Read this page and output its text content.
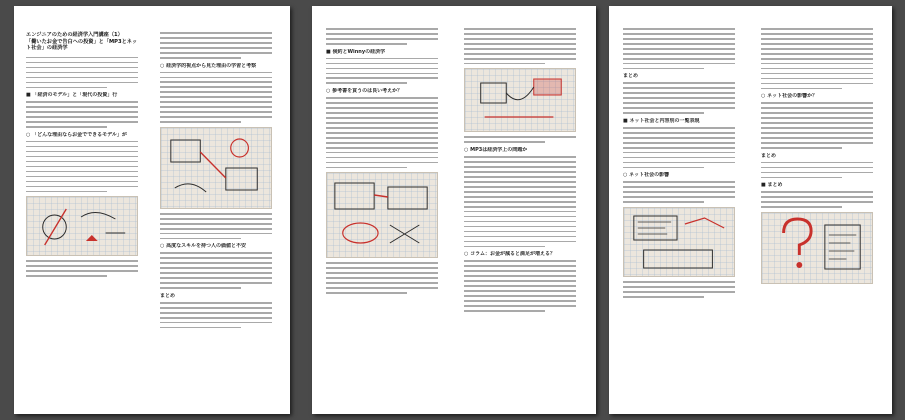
エンジニアのための経済学入門講座（1）
「働いたお金で告白への投資」と「MP3とネット社会」の経済学
■ 「経済のモデル」と「現代の投資」行
○ 「どんな理由ならお金でできるモデル」が
○ 経済学的視点から見た理由の学習と考察
○ 高度なスキルを持つ人の価値と不安
まとめ
■ 倹約とWinnyの経済学
○ 参考書を買うのは良い考えか？
○ MP3は経済学上の問題か
○ コラム：お金が減ると満足が増える？
まとめ
■ ネット社会と内容別の一覧表現
○ ネット社会の影響
○ ネット社会の影響か？
まとめ
■ まとめ
